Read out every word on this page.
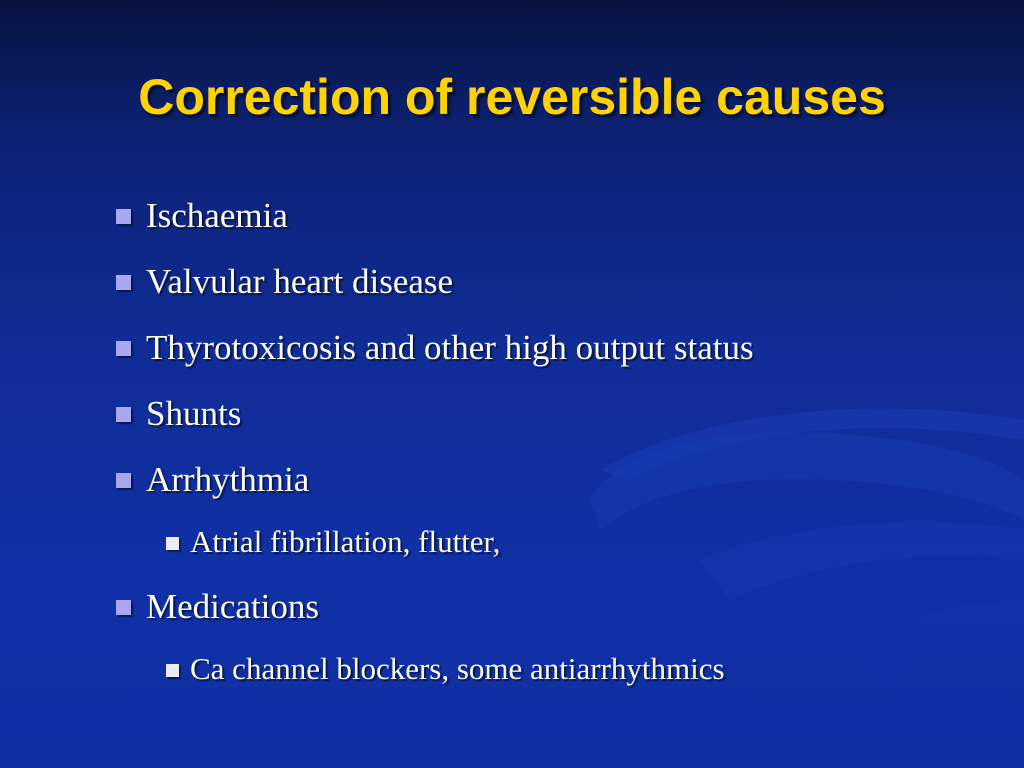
Correction of reversible causes
Ischaemia
Valvular heart disease
Thyrotoxicosis and other high output status
Shunts
Arrhythmia
Atrial fibrillation, flutter,
Medications
Ca channel blockers, some antiarrhythmics
